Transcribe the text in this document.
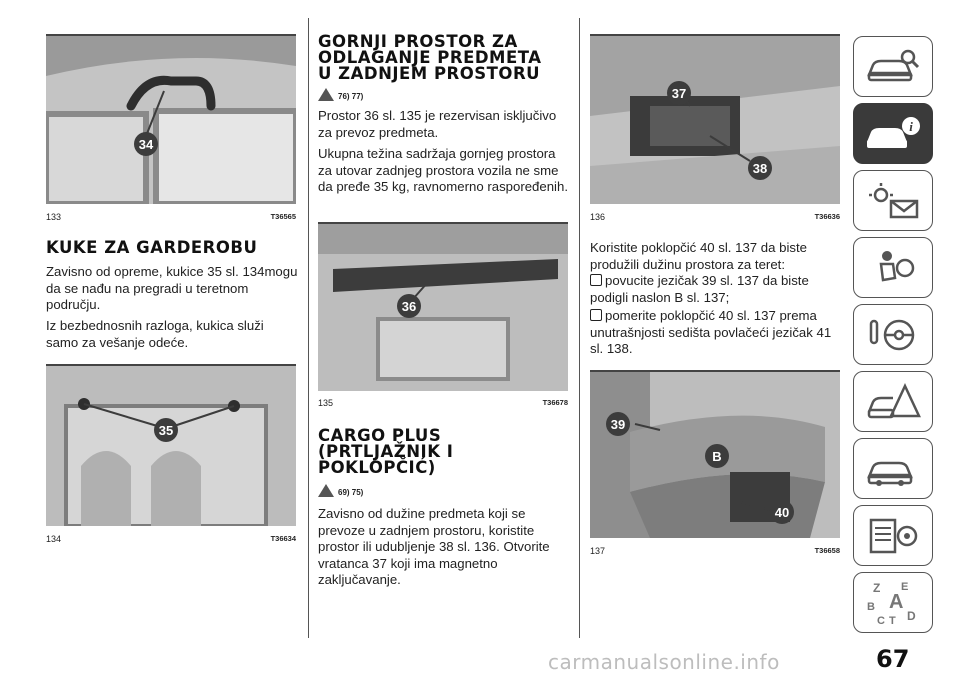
34
133	T36565
KUKE ZA GARDEROBU

Zavisno od opreme, kukice 35 sl. 134mogu da se nađu na pregradi u teretnom području.

Iz bezbednosnih razloga, kukica služi samo za vešanje odeće.

35
134	T36634
GORNJI PROSTOR ZA
ODLAGANJE PREDMETA
U ZADNJEM PROSTORU
76) 77)

Prostor 36 sl. 135 je rezervisan isključivo za prevoz predmeta.

Ukupna težina sadržaja gornjeg prostora za utovar zadnjeg prostora vozila ne sme da pređe 35 kg, ravnomerno raspoređenih.

36
135	T36678
CARGO PLUS
(PRTLJAŽNIK I
POKLOPČIĆ)
69) 75)

Zavisno od dužine predmeta koji se prevoze u zadnjem prostoru, koristite prostor ili udubljenje 38 sl. 136. Otvorite vratanca 37 koji ima magnetno zaključavanje.

37
38
136	T36636

Koristite poklopčić 40 sl. 137 da biste produžili dužinu prostora za teret:

povucite jezičak 39 sl. 137 da biste podigli naslon B sl. 137;

pomerite poklopčić 40 sl. 137 prema unutrašnjosti sedišta povlačeći jezičak 41 sl. 138.

39
B
40
137	T36658
i
Z E
A
B
C T D
67
carmanualsonline.info
